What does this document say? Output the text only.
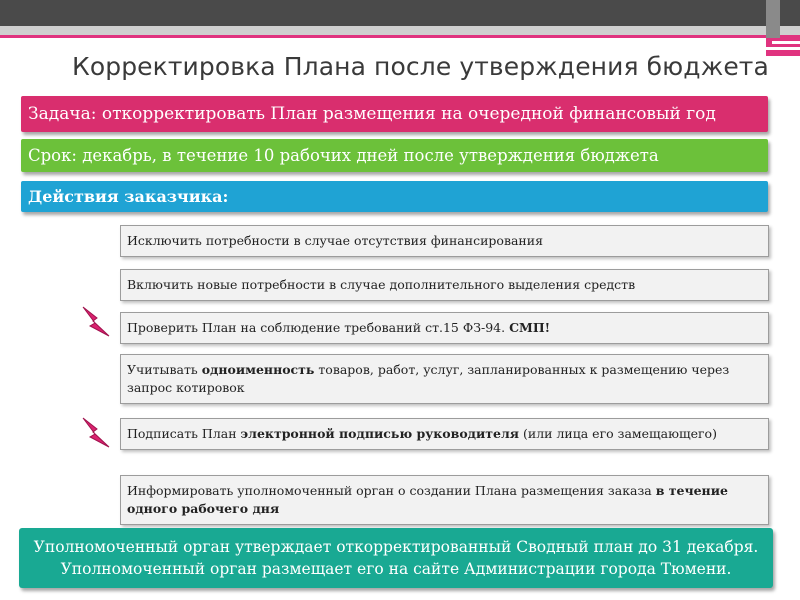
Корректировка Плана после утверждения бюджета
Задача: откорректировать План размещения на очередной финансовый год
Срок: декабрь, в течение 10 рабочих дней после утверждения бюджета
Действия заказчика:
Исключить потребности в случае отсутствия финансирования
Включить новые потребности в случае дополнительного выделения средств
Проверить План на соблюдение требований ст.15 ФЗ-94. СМП!
Учитывать одноименность товаров, работ, услуг, запланированных к размещению через запрос котировок
Подписать План электронной подписью руководителя (или лица его замещающего)
Информировать уполномоченный орган о создании Плана размещения заказа в течение одного рабочего дня
Уполномоченный орган утверждает откорректированный Сводный план до 31 декабря.
Уполномоченный орган размещает его на сайте Администрации города Тюмени.
